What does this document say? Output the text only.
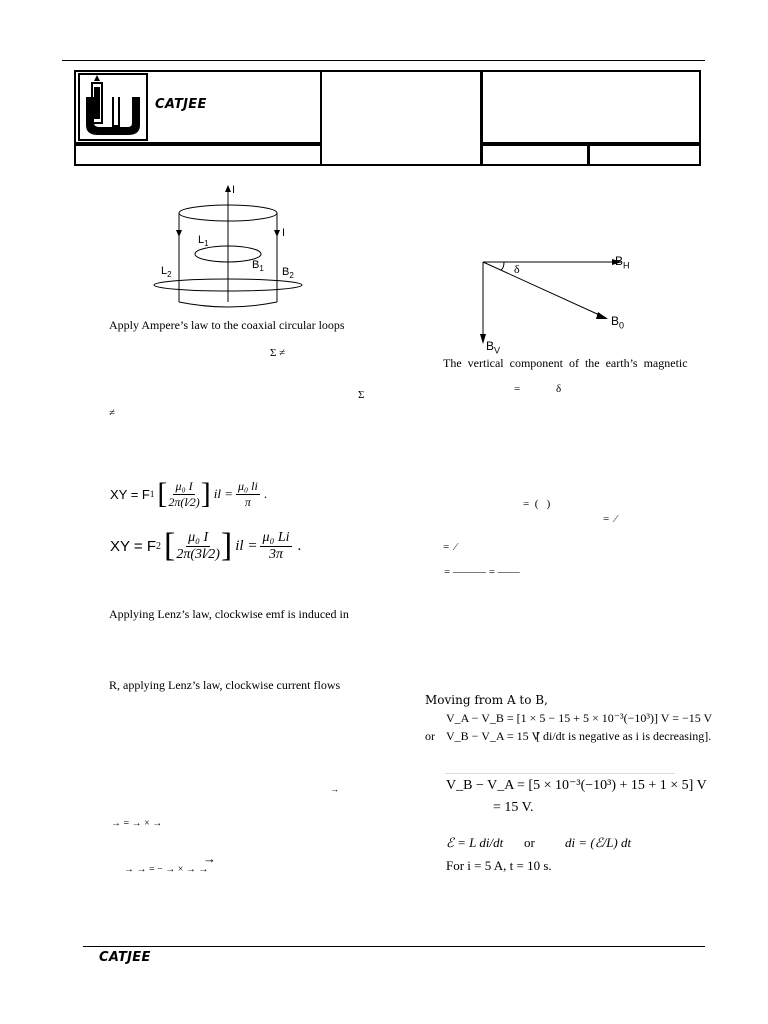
CATJEE
I
I
$L_1$
$L_2$
$B_1$ $B_2$	δ
$B_H$
$B_0$
$B_V$
Apply Ampere’s law to the coaxial circular loops
Σ ≠
Σ
≠
XY = F 1 [ $\frac{\text{μ₀ I}}{2\pi(l⁄2)}$ ] il = $\frac{\text{μ₀ li}}{\pi}$ .
XY = F 2 [ $\frac{\text{μ₀ I}}{2\pi(3l⁄2)}$ ] il = $\frac{\text{μ₀ Li}}{3\pi}$ .
Applying Lenz’s law, clockwise emf is induced in
R, applying Lenz’s law, clockwise current flows
→
→ = → × →
→
→ → = − → × → →
The vertical component of the earth’s magnetic
=             δ
=  (   )
=  ⁄
=  ⁄
= ——— = ——
Moving from A to B,
V_A − V_B = [1 × 5 − 15 + 5 × 10⁻³(−10³)] V = −15 V
or V_B − V_A = 15 V
[ di/dt is negative as i is decreasing].
V_B − V_A = [5 × 10⁻³(−10³) + 15 + 1 × 5] V
= 15 V.
ℰ = L di/dt or di = (ℰ/L) dt
For i = 5 A, t = 10 s.
CATJEE
